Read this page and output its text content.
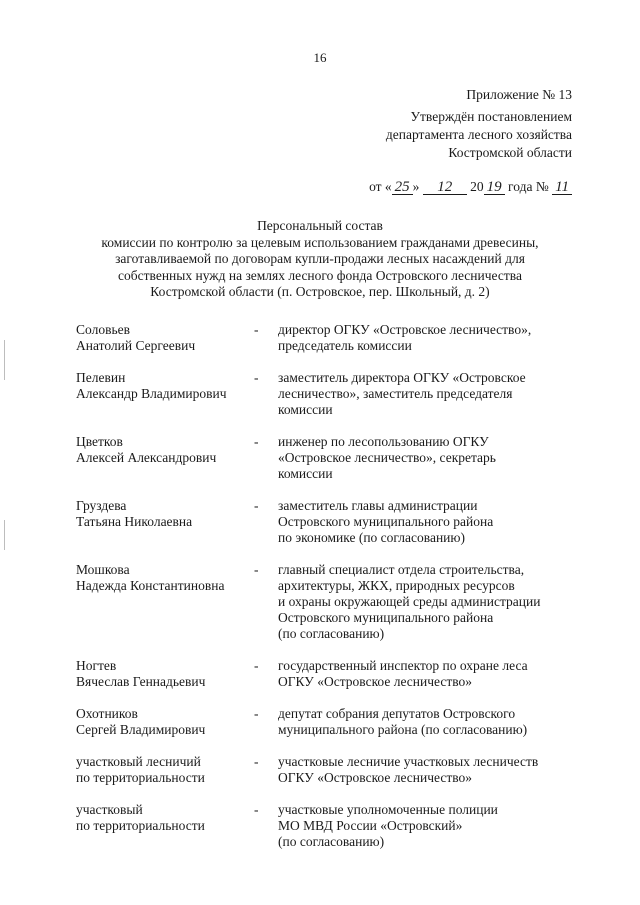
16
Приложение № 13
Утверждён постановлением
департамента лесного хозяйства
Костромской области
от « 25 » 12 20 19 года № 11
Персональный состав
комиссии по контролю за целевым использованием гражданами древесины,
заготавливаемой по договорам купли-продажи лесных насаждений для
собственных нужд на землях лесного фонда Островского лесничества
Костромской области (п. Островское, пер. Школьный, д. 2)
Соловьев
Анатолий Сергеевич
-	директор ОГКУ «Островское лесничество»,
председатель комиссии
Пелевин
Александр Владимирович
-	заместитель директора ОГКУ «Островское
лесничество», заместитель председателя
комиссии
Цветков
Алексей Александрович
-	инженер по лесопользованию ОГКУ
«Островское лесничество», секретарь
комиссии
Груздева
Татьяна Николаевна
-	заместитель главы администрации
Островского муниципального района
по экономике (по согласованию)
Мошкова
Надежда Константиновна
-	главный специалист отдела строительства,
архитектуры, ЖКХ, природных ресурсов
и охраны окружающей среды администрации
Островского муниципального района
(по согласованию)
Ногтев
Вячеслав Геннадьевич
-	государственный инспектор по охране леса
ОГКУ «Островское лесничество»
Охотников
Сергей Владимирович
-	депутат собрания депутатов Островского
муниципального района (по согласованию)
участковый лесничий
по территориальности
-	участковые лесничие участковых лесничеств
ОГКУ «Островское лесничество»
участковый
по территориальности
-	участковые уполномоченные полиции
МО МВД России «Островский»
(по согласованию)
